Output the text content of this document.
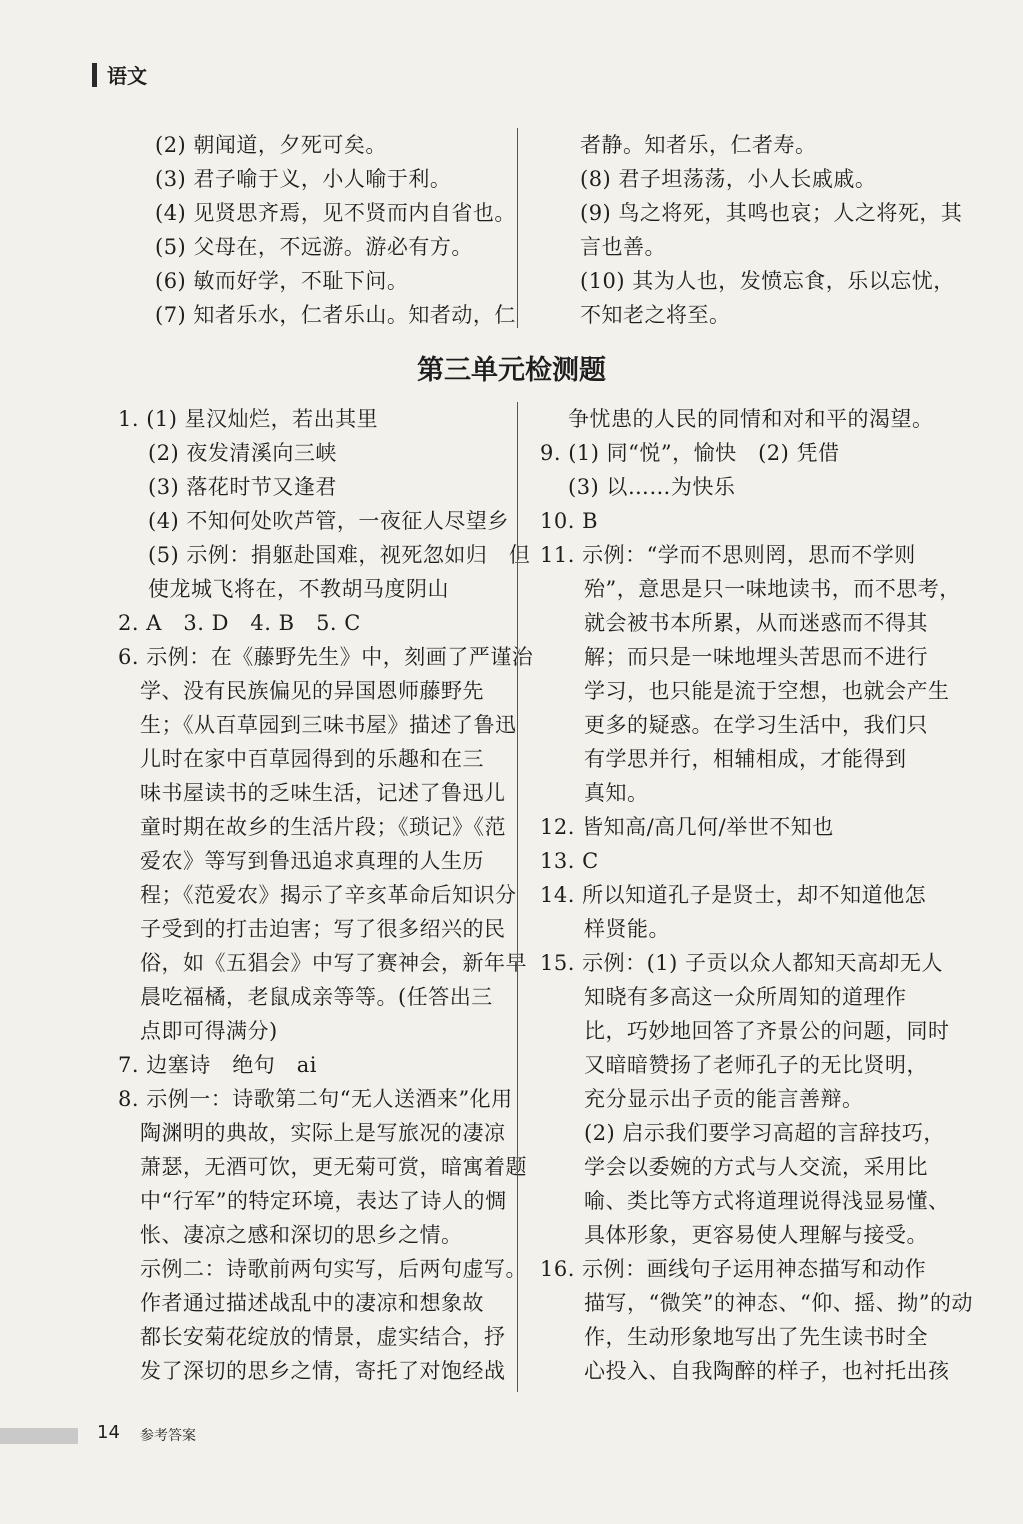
语文
(2) 朝闻道，夕死可矣。
(3) 君子喻于义，小人喻于利。
(4) 见贤思齐焉，见不贤而内自省也。
(5) 父母在，不远游。游必有方。
(6) 敏而好学，不耻下问。
(7) 知者乐水，仁者乐山。知者动，仁
者静。知者乐，仁者寿。
(8) 君子坦荡荡，小人长戚戚。
(9) 鸟之将死，其鸣也哀；人之将死，其
言也善。
(10) 其为人也，发愤忘食，乐以忘忧，
不知老之将至。
第三单元检测题
1. (1) 星汉灿烂，若出其里
(2) 夜发清溪向三峡
(3) 落花时节又逢君
(4) 不知何处吹芦管，一夜征人尽望乡
(5) 示例：捐躯赴国难，视死忽如归　但
使龙城飞将在，不教胡马度阴山
2. A　3. D　4. B　5. C
6. 示例：在《藤野先生》中，刻画了严谨治
学、没有民族偏见的异国恩师藤野先
生；《从百草园到三味书屋》描述了鲁迅
儿时在家中百草园得到的乐趣和在三
味书屋读书的乏味生活，记述了鲁迅儿
童时期在故乡的生活片段；《琐记》《范
爱农》等写到鲁迅追求真理的人生历
程；《范爱农》揭示了辛亥革命后知识分
子受到的打击迫害；写了很多绍兴的民
俗，如《五猖会》中写了赛神会，新年早
晨吃福橘，老鼠成亲等等。(任答出三
点即可得满分)
7. 边塞诗　绝句　ai
8. 示例一：诗歌第二句“无人送酒来”化用
陶渊明的典故，实际上是写旅况的凄凉
萧瑟，无酒可饮，更无菊可赏，暗寓着题
中“行军”的特定环境，表达了诗人的惆
怅、凄凉之感和深切的思乡之情。
示例二：诗歌前两句实写，后两句虚写。
作者通过描述战乱中的凄凉和想象故
都长安菊花绽放的情景，虚实结合，抒
发了深切的思乡之情，寄托了对饱经战
争忧患的人民的同情和对和平的渴望。
9. (1) 同“悦”，愉快　(2) 凭借
(3) 以……为快乐
10. B
11. 示例：“学而不思则罔，思而不学则
殆”，意思是只一味地读书，而不思考，
就会被书本所累，从而迷惑而不得其
解；而只是一味地埋头苦思而不进行
学习，也只能是流于空想，也就会产生
更多的疑惑。在学习生活中，我们只
有学思并行，相辅相成，才能得到
真知。
12. 皆知高/高几何/举世不知也
13. C
14. 所以知道孔子是贤士，却不知道他怎
样贤能。
15. 示例：(1) 子贡以众人都知天高却无人
知晓有多高这一众所周知的道理作
比，巧妙地回答了齐景公的问题，同时
又暗暗赞扬了老师孔子的无比贤明，
充分显示出子贡的能言善辩。
(2) 启示我们要学习高超的言辞技巧，
学会以委婉的方式与人交流，采用比
喻、类比等方式将道理说得浅显易懂、
具体形象，更容易使人理解与接受。
16. 示例：画线句子运用神态描写和动作
描写，“微笑”的神态、“仰、摇、拗”的动
作，生动形象地写出了先生读书时全
心投入、自我陶醉的样子，也衬托出孩
14 参考答案
